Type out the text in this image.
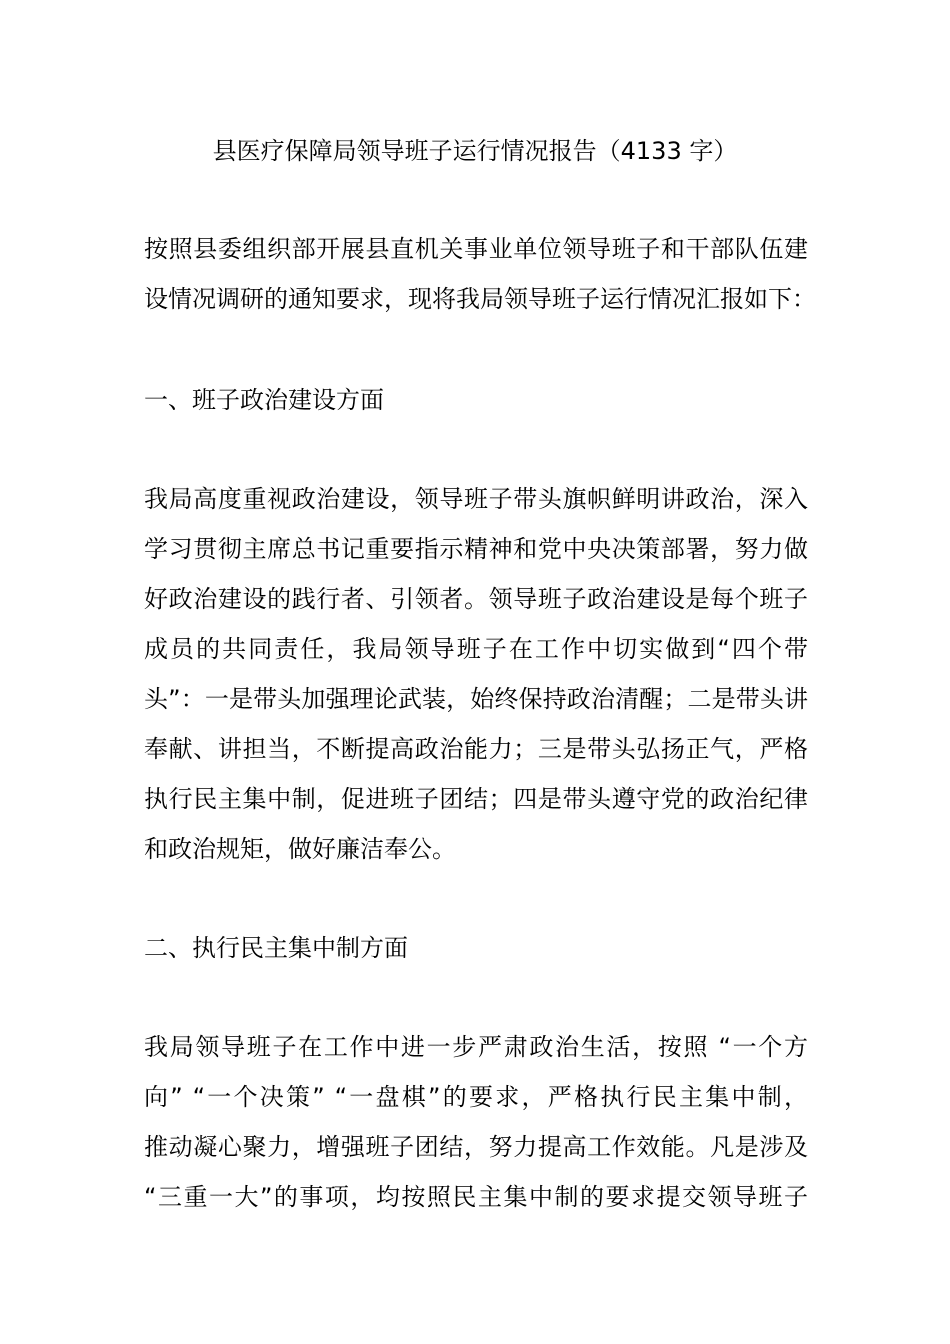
县医疗保障局领导班子运行情况报告（4133 字）
按照县委组织部开展县直机关事业单位领导班子和干部队伍建
设情况调研的通知要求，现将我局领导班子运行情况汇报如下：
一、班子政治建设方面
我局高度重视政治建设，领导班子带头旗帜鲜明讲政治，深入
学习贯彻主席总书记重要指示精神和党中央决策部署，努力做
好政治建设的践行者、引领者。领导班子政治建设是每个班子
成员的共同责任，我局领导班子在工作中切实做到“四个带
头”：一是带头加强理论武装，始终保持政治清醒；二是带头讲
奉献、讲担当，不断提高政治能力；三是带头弘扬正气，严格
执行民主集中制，促进班子团结；四是带头遵守党的政治纪律
和政治规矩，做好廉洁奉公。
二、执行民主集中制方面
我局领导班子在工作中进一步严肃政治生活，按照 “一个方
向” “一个决策” “一盘棋”的要求，严格执行民主集中制，
推动凝心聚力，增强班子团结，努力提高工作效能。凡是涉及
“三重一大”的事项，均按照民主集中制的要求提交领导班子
